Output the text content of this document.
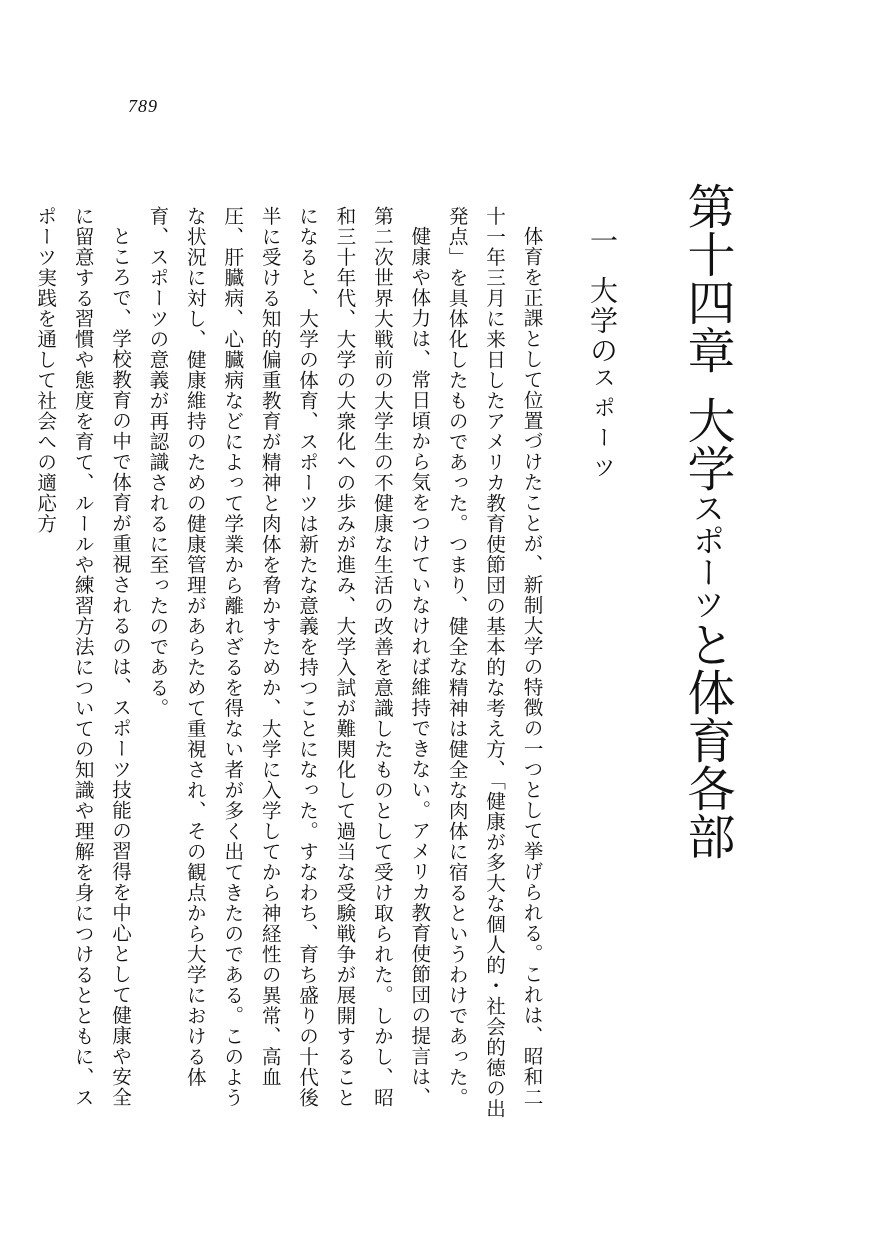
789
第十四章大学スポーツと体育各部
一大学のスポーツ

体育を正課として位置づけたことが、新制大学の特徴の一つとして挙げられる。これは、昭和二十一年三月に来日したアメリカ教育使節団の基本的な考え方、「健康が多大な個人的・社会的徳の出発点」を具体化したものであった。つまり、健全な精神は健全な肉体に宿るというわけであった。

健康や体力は、常日頃から気をつけていなければ維持できない。アメリカ教育使節団の提言は、第二次世界大戦前の大学生の不健康な生活の改善を意識したものとして受け取られた。しかし、昭和三十年代、大学の大衆化への歩みが進み、大学入試が難関化して過当な受験戦争が展開することになると、大学の体育、スポーツは新たな意義を持つことになった。すなわち、育ち盛りの十代後半に受ける知的偏重教育が精神と肉体を脅かすためか、大学に入学してから神経性の異常、高血圧、肝臓病、心臓病などによって学業から離れざるを得ない者が多く出てきたのである。このような状況に対し、健康維持のための健康管理があらためて重視され、その観点から大学における体育、スポーツの意義が再認識されるに至ったのである。

ところで、学校教育の中で体育が重視されるのは、スポーツ技能の習得を中心として健康や安全に留意する習慣や態度を育て、ルールや練習方法についての知識や理解を身につけるとともに、スポーツ実践を通して社会への適応方
